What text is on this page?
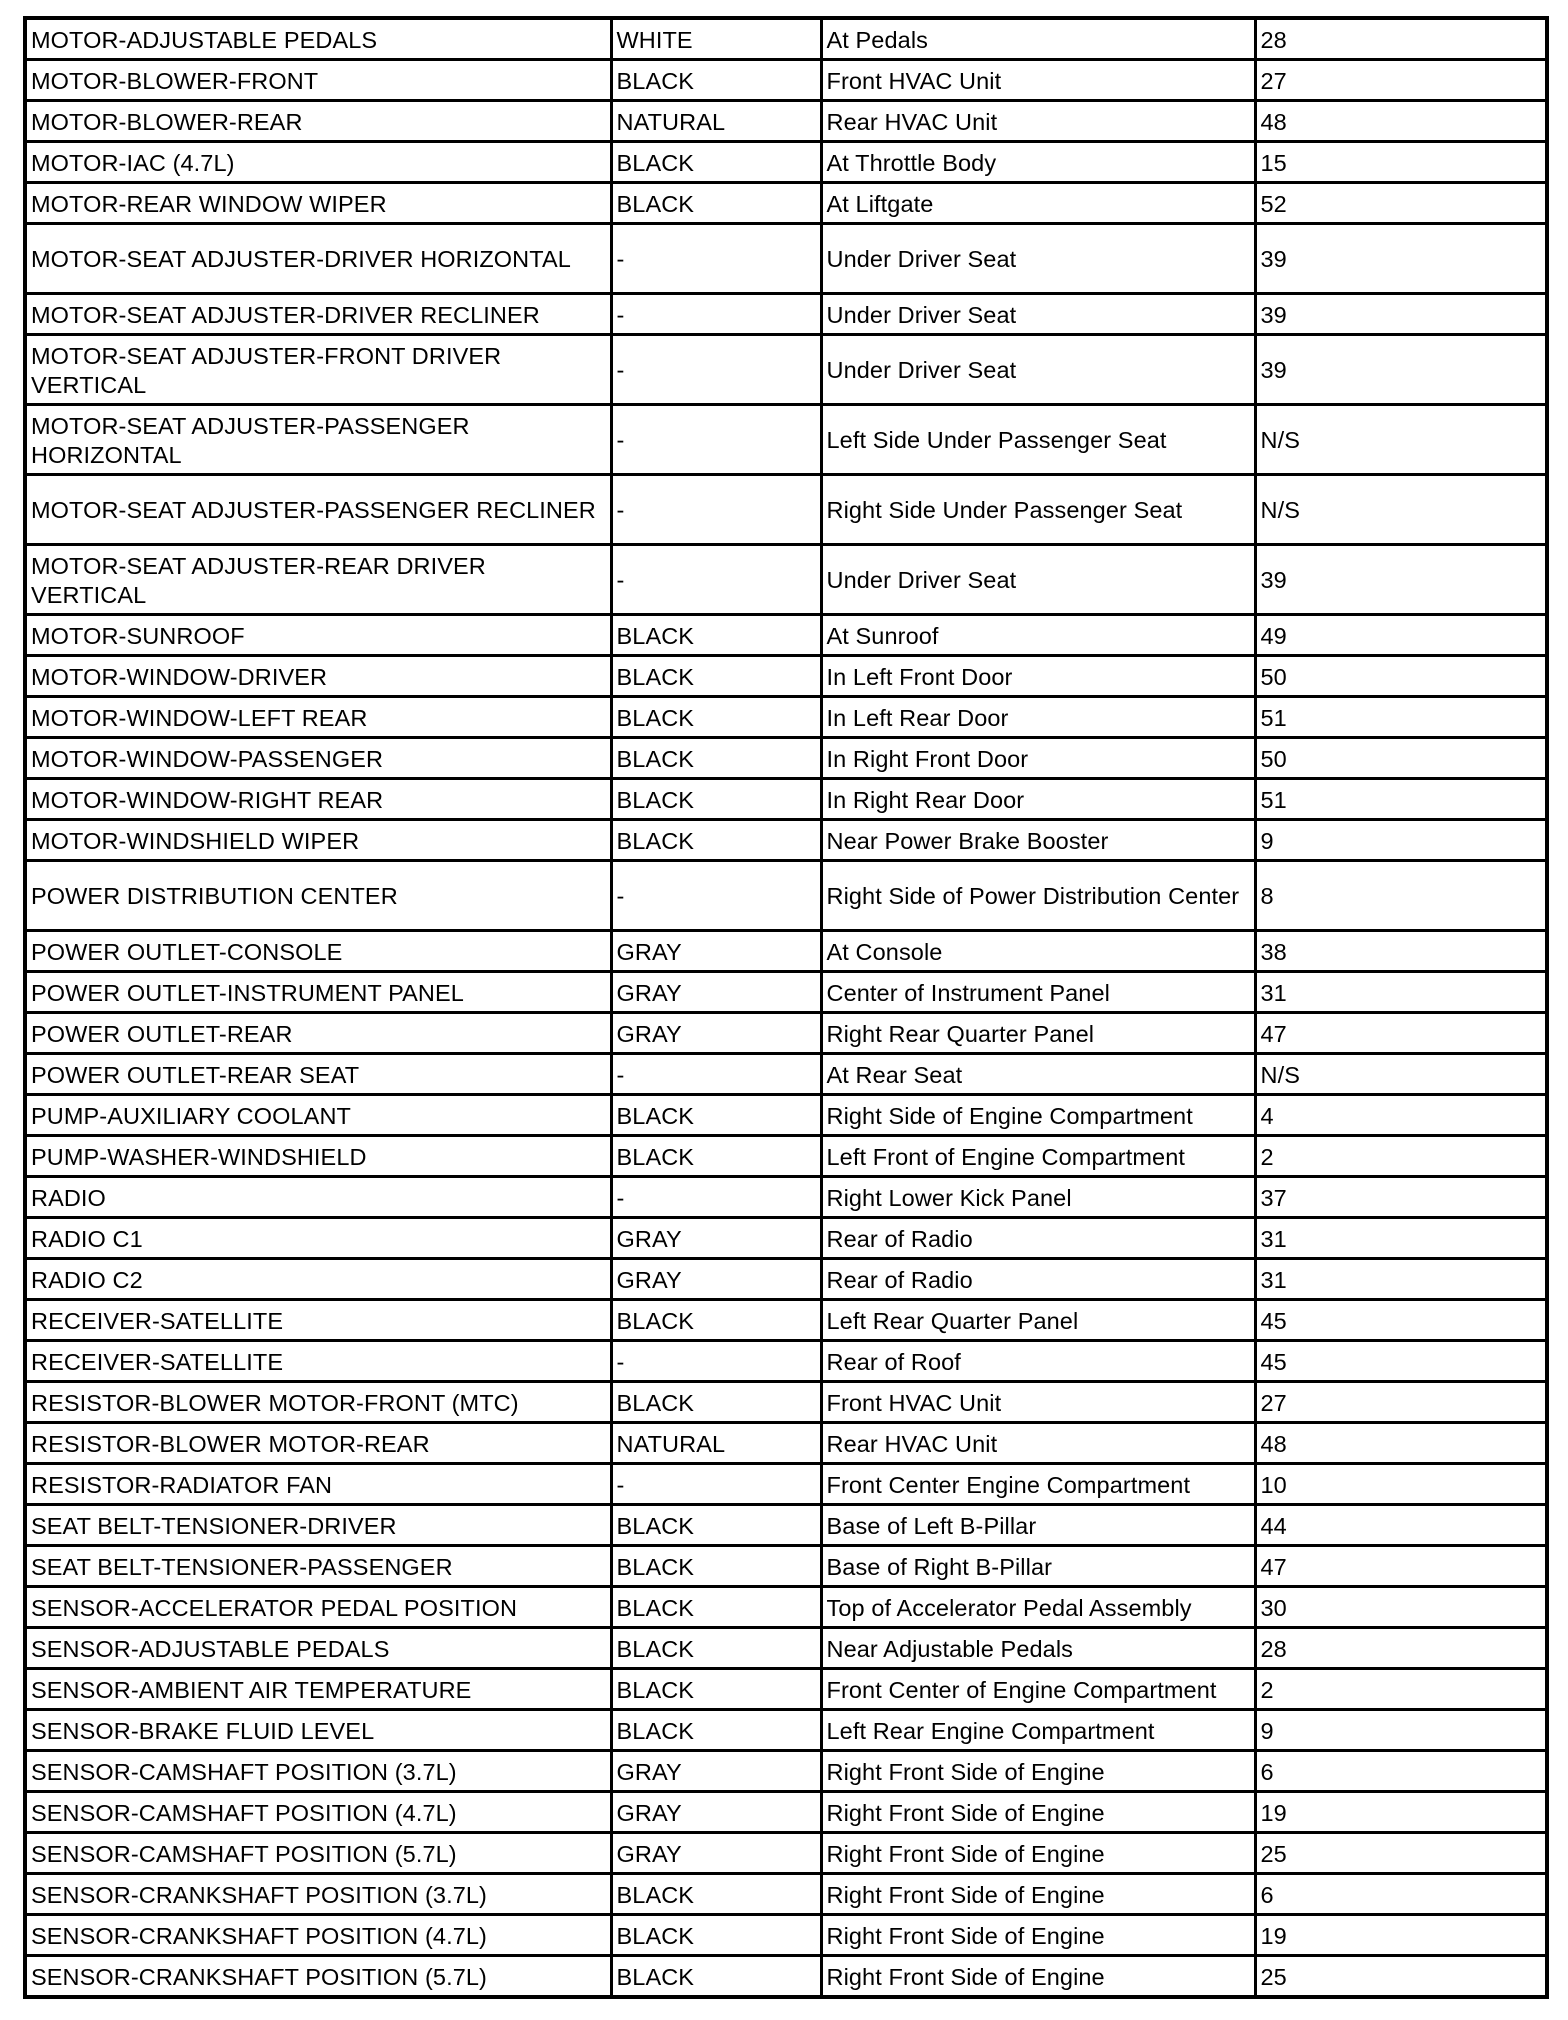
MOTOR-ADJUSTABLE PEDALS	WHITE	At Pedals	28
MOTOR-BLOWER-FRONT	BLACK	Front HVAC Unit	27
MOTOR-BLOWER-REAR	NATURAL	Rear HVAC Unit	48
MOTOR-IAC (4.7L)	BLACK	At Throttle Body	15
MOTOR-REAR WINDOW WIPER	BLACK	At Liftgate	52
MOTOR-SEAT ADJUSTER-DRIVER HORIZONTAL	-	Under Driver Seat	39
MOTOR-SEAT ADJUSTER-DRIVER RECLINER	-	Under Driver Seat	39
MOTOR-SEAT ADJUSTER-FRONT DRIVER VERTICAL	-	Under Driver Seat	39
MOTOR-SEAT ADJUSTER-PASSENGER HORIZONTAL	-	Left Side Under Passenger Seat	N/S
MOTOR-SEAT ADJUSTER-PASSENGER RECLINER	-	Right Side Under Passenger Seat	N/S
MOTOR-SEAT ADJUSTER-REAR DRIVER VERTICAL	-	Under Driver Seat	39
MOTOR-SUNROOF	BLACK	At Sunroof	49
MOTOR-WINDOW-DRIVER	BLACK	In Left Front Door	50
MOTOR-WINDOW-LEFT REAR	BLACK	In Left Rear Door	51
MOTOR-WINDOW-PASSENGER	BLACK	In Right Front Door	50
MOTOR-WINDOW-RIGHT REAR	BLACK	In Right Rear Door	51
MOTOR-WINDSHIELD WIPER	BLACK	Near Power Brake Booster	9
POWER DISTRIBUTION CENTER	-	Right Side of Power Distribution Center	8
POWER OUTLET-CONSOLE	GRAY	At Console	38
POWER OUTLET-INSTRUMENT PANEL	GRAY	Center of Instrument Panel	31
POWER OUTLET-REAR	GRAY	Right Rear Quarter Panel	47
POWER OUTLET-REAR SEAT	-	At Rear Seat	N/S
PUMP-AUXILIARY COOLANT	BLACK	Right Side of Engine Compartment	4
PUMP-WASHER-WINDSHIELD	BLACK	Left Front of Engine Compartment	2
RADIO	-	Right Lower Kick Panel	37
RADIO C1	GRAY	Rear of Radio	31
RADIO C2	GRAY	Rear of Radio	31
RECEIVER-SATELLITE	BLACK	Left Rear Quarter Panel	45
RECEIVER-SATELLITE	-	Rear of Roof	45
RESISTOR-BLOWER MOTOR-FRONT (MTC)	BLACK	Front HVAC Unit	27
RESISTOR-BLOWER MOTOR-REAR	NATURAL	Rear HVAC Unit	48
RESISTOR-RADIATOR FAN	-	Front Center Engine Compartment	10
SEAT BELT-TENSIONER-DRIVER	BLACK	Base of Left B-Pillar	44
SEAT BELT-TENSIONER-PASSENGER	BLACK	Base of Right B-Pillar	47
SENSOR-ACCELERATOR PEDAL POSITION	BLACK	Top of Accelerator Pedal Assembly	30
SENSOR-ADJUSTABLE PEDALS	BLACK	Near Adjustable Pedals	28
SENSOR-AMBIENT AIR TEMPERATURE	BLACK	Front Center of Engine Compartment	2
SENSOR-BRAKE FLUID LEVEL	BLACK	Left Rear Engine Compartment	9
SENSOR-CAMSHAFT POSITION (3.7L)	GRAY	Right Front Side of Engine	6
SENSOR-CAMSHAFT POSITION (4.7L)	GRAY	Right Front Side of Engine	19
SENSOR-CAMSHAFT POSITION (5.7L)	GRAY	Right Front Side of Engine	25
SENSOR-CRANKSHAFT POSITION (3.7L)	BLACK	Right Front Side of Engine	6
SENSOR-CRANKSHAFT POSITION (4.7L)	BLACK	Right Front Side of Engine	19
SENSOR-CRANKSHAFT POSITION (5.7L)	BLACK	Right Front Side of Engine	25
